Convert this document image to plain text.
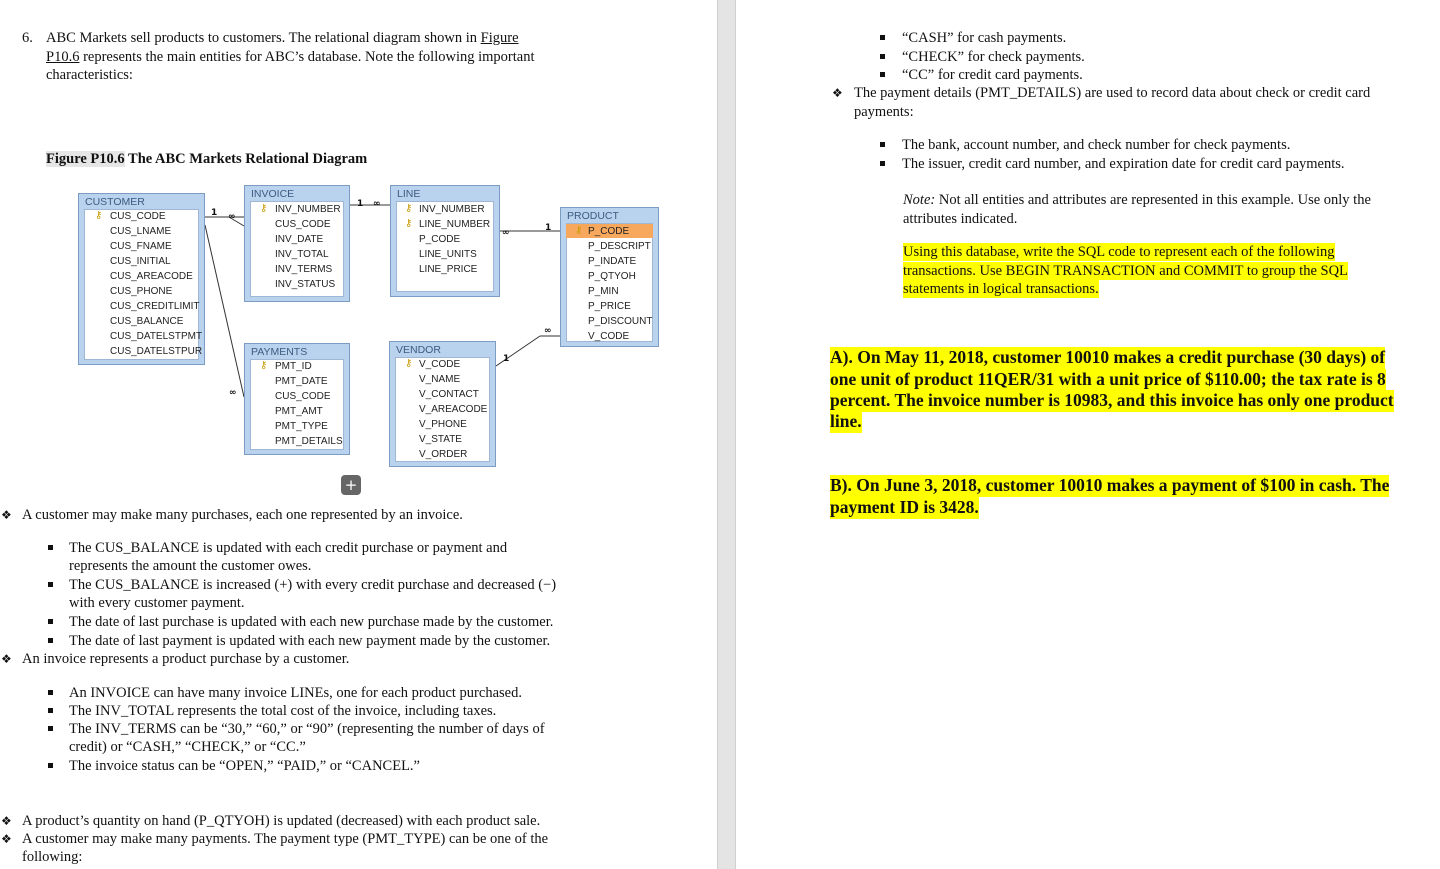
6. ABC Markets sell products to customers. The relational diagram shown in Figure
P10.6 represents the main entities for ABC’s database. Note the following important
characteristics:
Figure P10.6 The ABC Markets Relational Diagram
1 ∞
1 ∞
∞	1
∞
1
∞
CUSTOMER
⚷ CUS_CODE
CUS_LNAME
CUS_FNAME
CUS_INITIAL
CUS_AREACODE
CUS_PHONE
CUS_CREDITLIMIT
CUS_BALANCE
CUS_DATELSTPMT
CUS_DATELSTPUR
INVOICE
⚷ INV_NUMBER
CUS_CODE
INV_DATE
INV_TOTAL
INV_TERMS
INV_STATUS
LINE
⚷
⚷
INV_NUMBER
LINE_NUMBER
P_CODE
LINE_UNITS
LINE_PRICE
PRODUCT
⚷ P_CODE
P_DESCRIPT
P_INDATE
P_QTYOH
P_MIN
P_PRICE
P_DISCOUNT
V_CODE
PAYMENTS
⚷ PMT_ID
PMT_DATE
CUS_CODE
PMT_AMT
PMT_TYPE
PMT_DETAILS
VENDOR
⚷ V_CODE
V_NAME
V_CONTACT
V_AREACODE
V_PHONE
V_STATE
V_ORDER
+
❖ A customer may make many purchases, each one represented by an invoice.
The CUS_BALANCE is updated with each credit purchase or payment and
represents the amount the customer owes.
The CUS_BALANCE is increased (+) with every credit purchase and decreased (−)
with every customer payment.
The date of last purchase is updated with each new purchase made by the customer.
The date of last payment is updated with each new payment made by the customer.
❖ An invoice represents a product purchase by a customer.
An INVOICE can have many invoice LINEs, one for each product purchased.
The INV_TOTAL represents the total cost of the invoice, including taxes.
The INV_TERMS can be “30,” “60,” or “90” (representing the number of days of
credit) or “CASH,” “CHECK,” or “CC.”
The invoice status can be “OPEN,” “PAID,” or “CANCEL.”
❖ A product’s quantity on hand (P_QTYOH) is updated (decreased) with each product sale.
❖ A customer may make many payments. The payment type (PMT_TYPE) can be one of the
following:
“CASH” for cash payments.
“CHECK” for check payments.
“CC” for credit card payments.
❖ The payment details (PMT_DETAILS) are used to record data about check or credit card
payments:
The bank, account number, and check number for check payments.
The issuer, credit card number, and expiration date for credit card payments.
Note: Not all entities and attributes are represented in this example. Use only the
attributes indicated.
Using this database, write the SQL code to represent each of the following
transactions. Use BEGIN TRANSACTION and COMMIT to group the SQL
statements in logical transactions.
A). On May 11, 2018, customer 10010 makes a credit purchase (30 days) of
one unit of product 11QER/31 with a unit price of $110.00; the tax rate is 8
percent. The invoice number is 10983, and this invoice has only one product
line.
B). On June 3, 2018, customer 10010 makes a payment of $100 in cash. The
payment ID is 3428.
